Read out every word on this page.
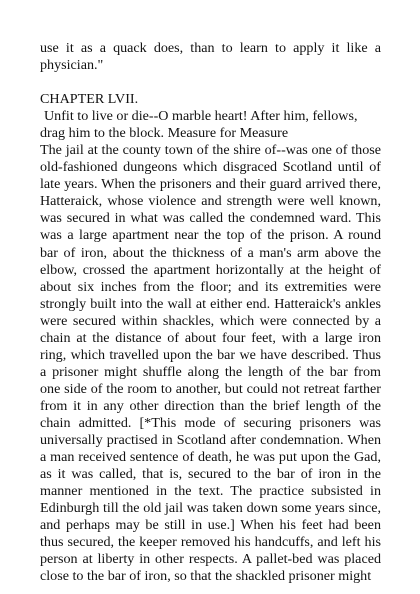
use it as a quack does, than to learn to apply it like a physician."

CHAPTER LVII.

Unfit to live or die--O marble heart! After him, fellows, drag him to the block. Measure for Measure

The jail at the county town of the shire of--was one of those old-fashioned dungeons which disgraced Scotland until of late years. When the prisoners and their guard arrived there, Hatteraick, whose violence and strength were well known, was secured in what was called the condemned ward. This was a large apartment near the top of the prison. A round bar of iron, about the thickness of a man's arm above the elbow, crossed the apartment horizontally at the height of about six inches from the floor; and its extremities were strongly built into the wall at either end. Hatteraick's ankles were secured within shackles, which were connected by a chain at the distance of about four feet, with a large iron ring, which travelled upon the bar we have described. Thus a prisoner might shuffle along the length of the bar from one side of the room to another, but could not retreat farther from it in any other direction than the brief length of the chain admitted. [*This mode of securing prisoners was universally practised in Scotland after condemnation. When a man received sentence of death, he was put upon the Gad, as it was called, that is, secured to the bar of iron in the manner mentioned in the text. The practice subsisted in Edinburgh till the old jail was taken down some years since, and perhaps may be still in use.] When his feet had been thus secured, the keeper removed his handcuffs, and left his person at liberty in other respects. A pallet-bed was placed close to the bar of iron, so that the shackled prisoner might
